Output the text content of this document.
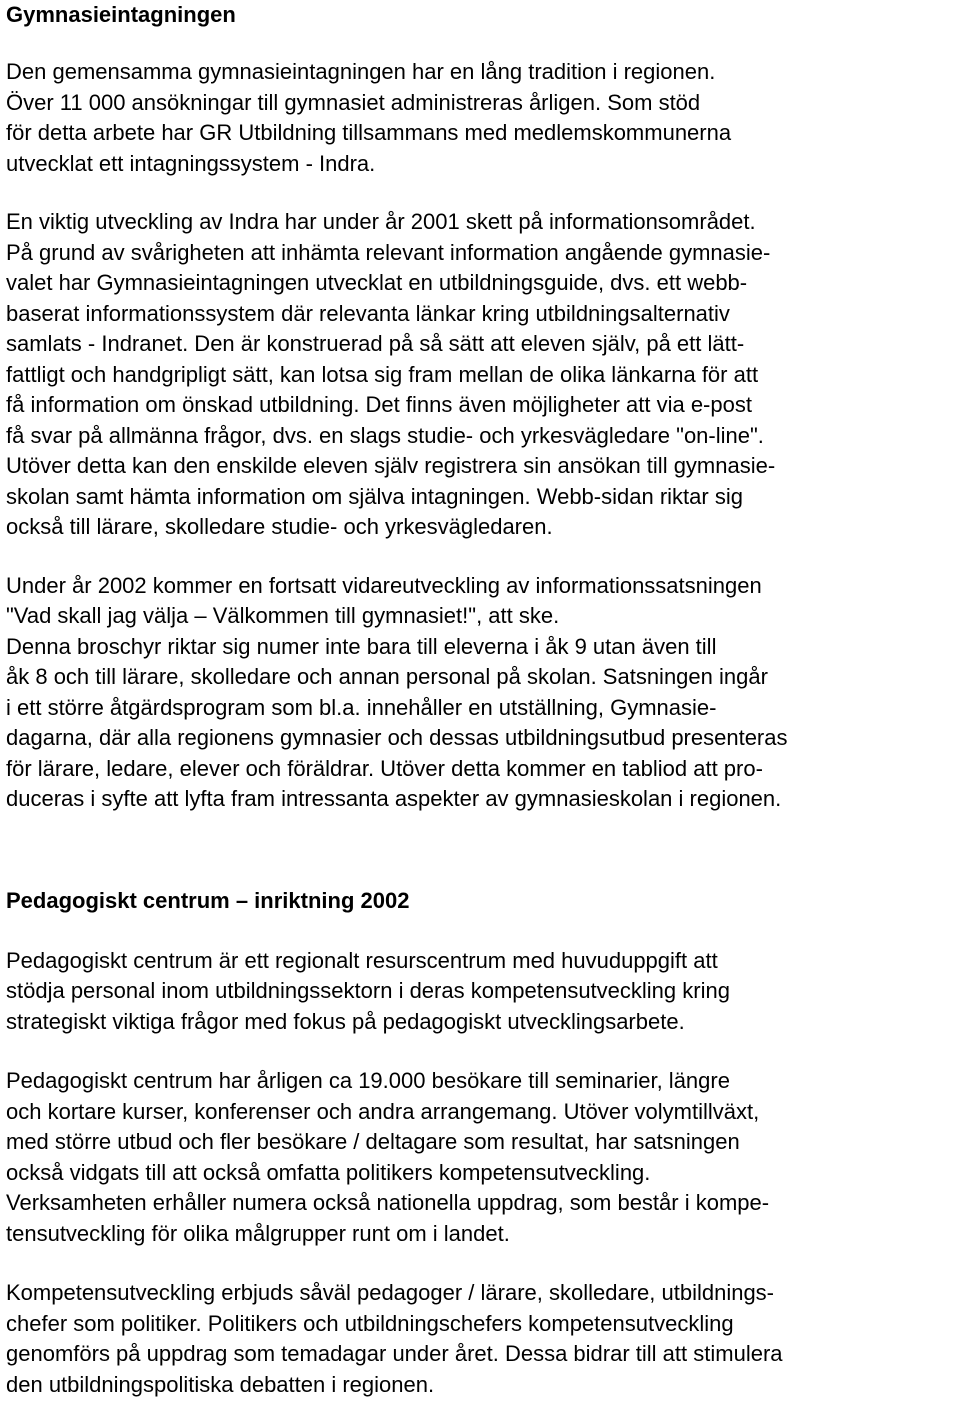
Gymnasieintagningen

Den gemensamma gymnasieintagningen har en lång tradition i regionen.
Över 11 000 ansökningar till gymnasiet administreras årligen. Som stöd
för detta arbete har GR Utbildning tillsammans med medlemskommunerna
utvecklat ett intagningssystem - Indra.

En viktig utveckling av Indra har under år 2001 skett på informationsområdet.
På grund av svårigheten att inhämta relevant information angående gymnasie-
valet har Gymnasieintagningen utvecklat en utbildningsguide, dvs. ett webb-
baserat informationssystem där relevanta länkar kring utbildningsalternativ
samlats - Indranet. Den är konstruerad på så sätt att eleven själv, på ett lätt-
fattligt och handgripligt sätt, kan lotsa sig fram mellan de olika länkarna för att
få information om önskad utbildning. Det finns även möjligheter att via e-post
få svar på allmänna frågor, dvs. en slags studie- och yrkesvägledare "on-line".
Utöver detta kan den enskilde eleven själv registrera sin ansökan till gymnasie-
skolan samt hämta information om själva intagningen. Webb-sidan riktar sig
också till lärare, skolledare studie- och yrkesvägledaren.

Under år 2002 kommer en fortsatt vidareutveckling av informationssatsningen
"Vad skall jag välja – Välkommen till gymnasiet!", att ske.
Denna broschyr riktar sig numer inte bara till eleverna i åk 9 utan även till
åk 8 och till lärare, skolledare och annan personal på skolan. Satsningen ingår
i ett större åtgärdsprogram som bl.a. innehåller en utställning, Gymnasie-
dagarna, där alla regionens gymnasier och dessas utbildningsutbud presenteras
för lärare, ledare, elever och föräldrar. Utöver detta kommer en tabliod att pro-
duceras i syfte att lyfta fram intressanta aspekter av gymnasieskolan i regionen.

Pedagogiskt centrum – inriktning 2002

Pedagogiskt centrum är ett regionalt resurscentrum med huvuduppgift att
stödja personal inom utbildningssektorn i deras kompetensutveckling kring
strategiskt viktiga frågor med fokus på pedagogiskt utvecklingsarbete.

Pedagogiskt centrum har årligen ca 19.000 besökare till seminarier, längre
och kortare kurser, konferenser och andra arrangemang. Utöver volymtillväxt,
med större utbud och fler besökare / deltagare som resultat, har satsningen
också vidgats till att också omfatta politikers kompetensutveckling.
Verksamheten erhåller numera också nationella uppdrag, som består i kompe-
tensutveckling för olika målgrupper runt om i landet.

Kompetensutveckling erbjuds såväl pedagoger / lärare, skolledare, utbildnings-
chefer som politiker. Politikers och utbildningschefers kompetensutveckling
genomförs på uppdrag som temadagar under året. Dessa bidrar till att stimulera
den utbildningspolitiska debatten i regionen.
